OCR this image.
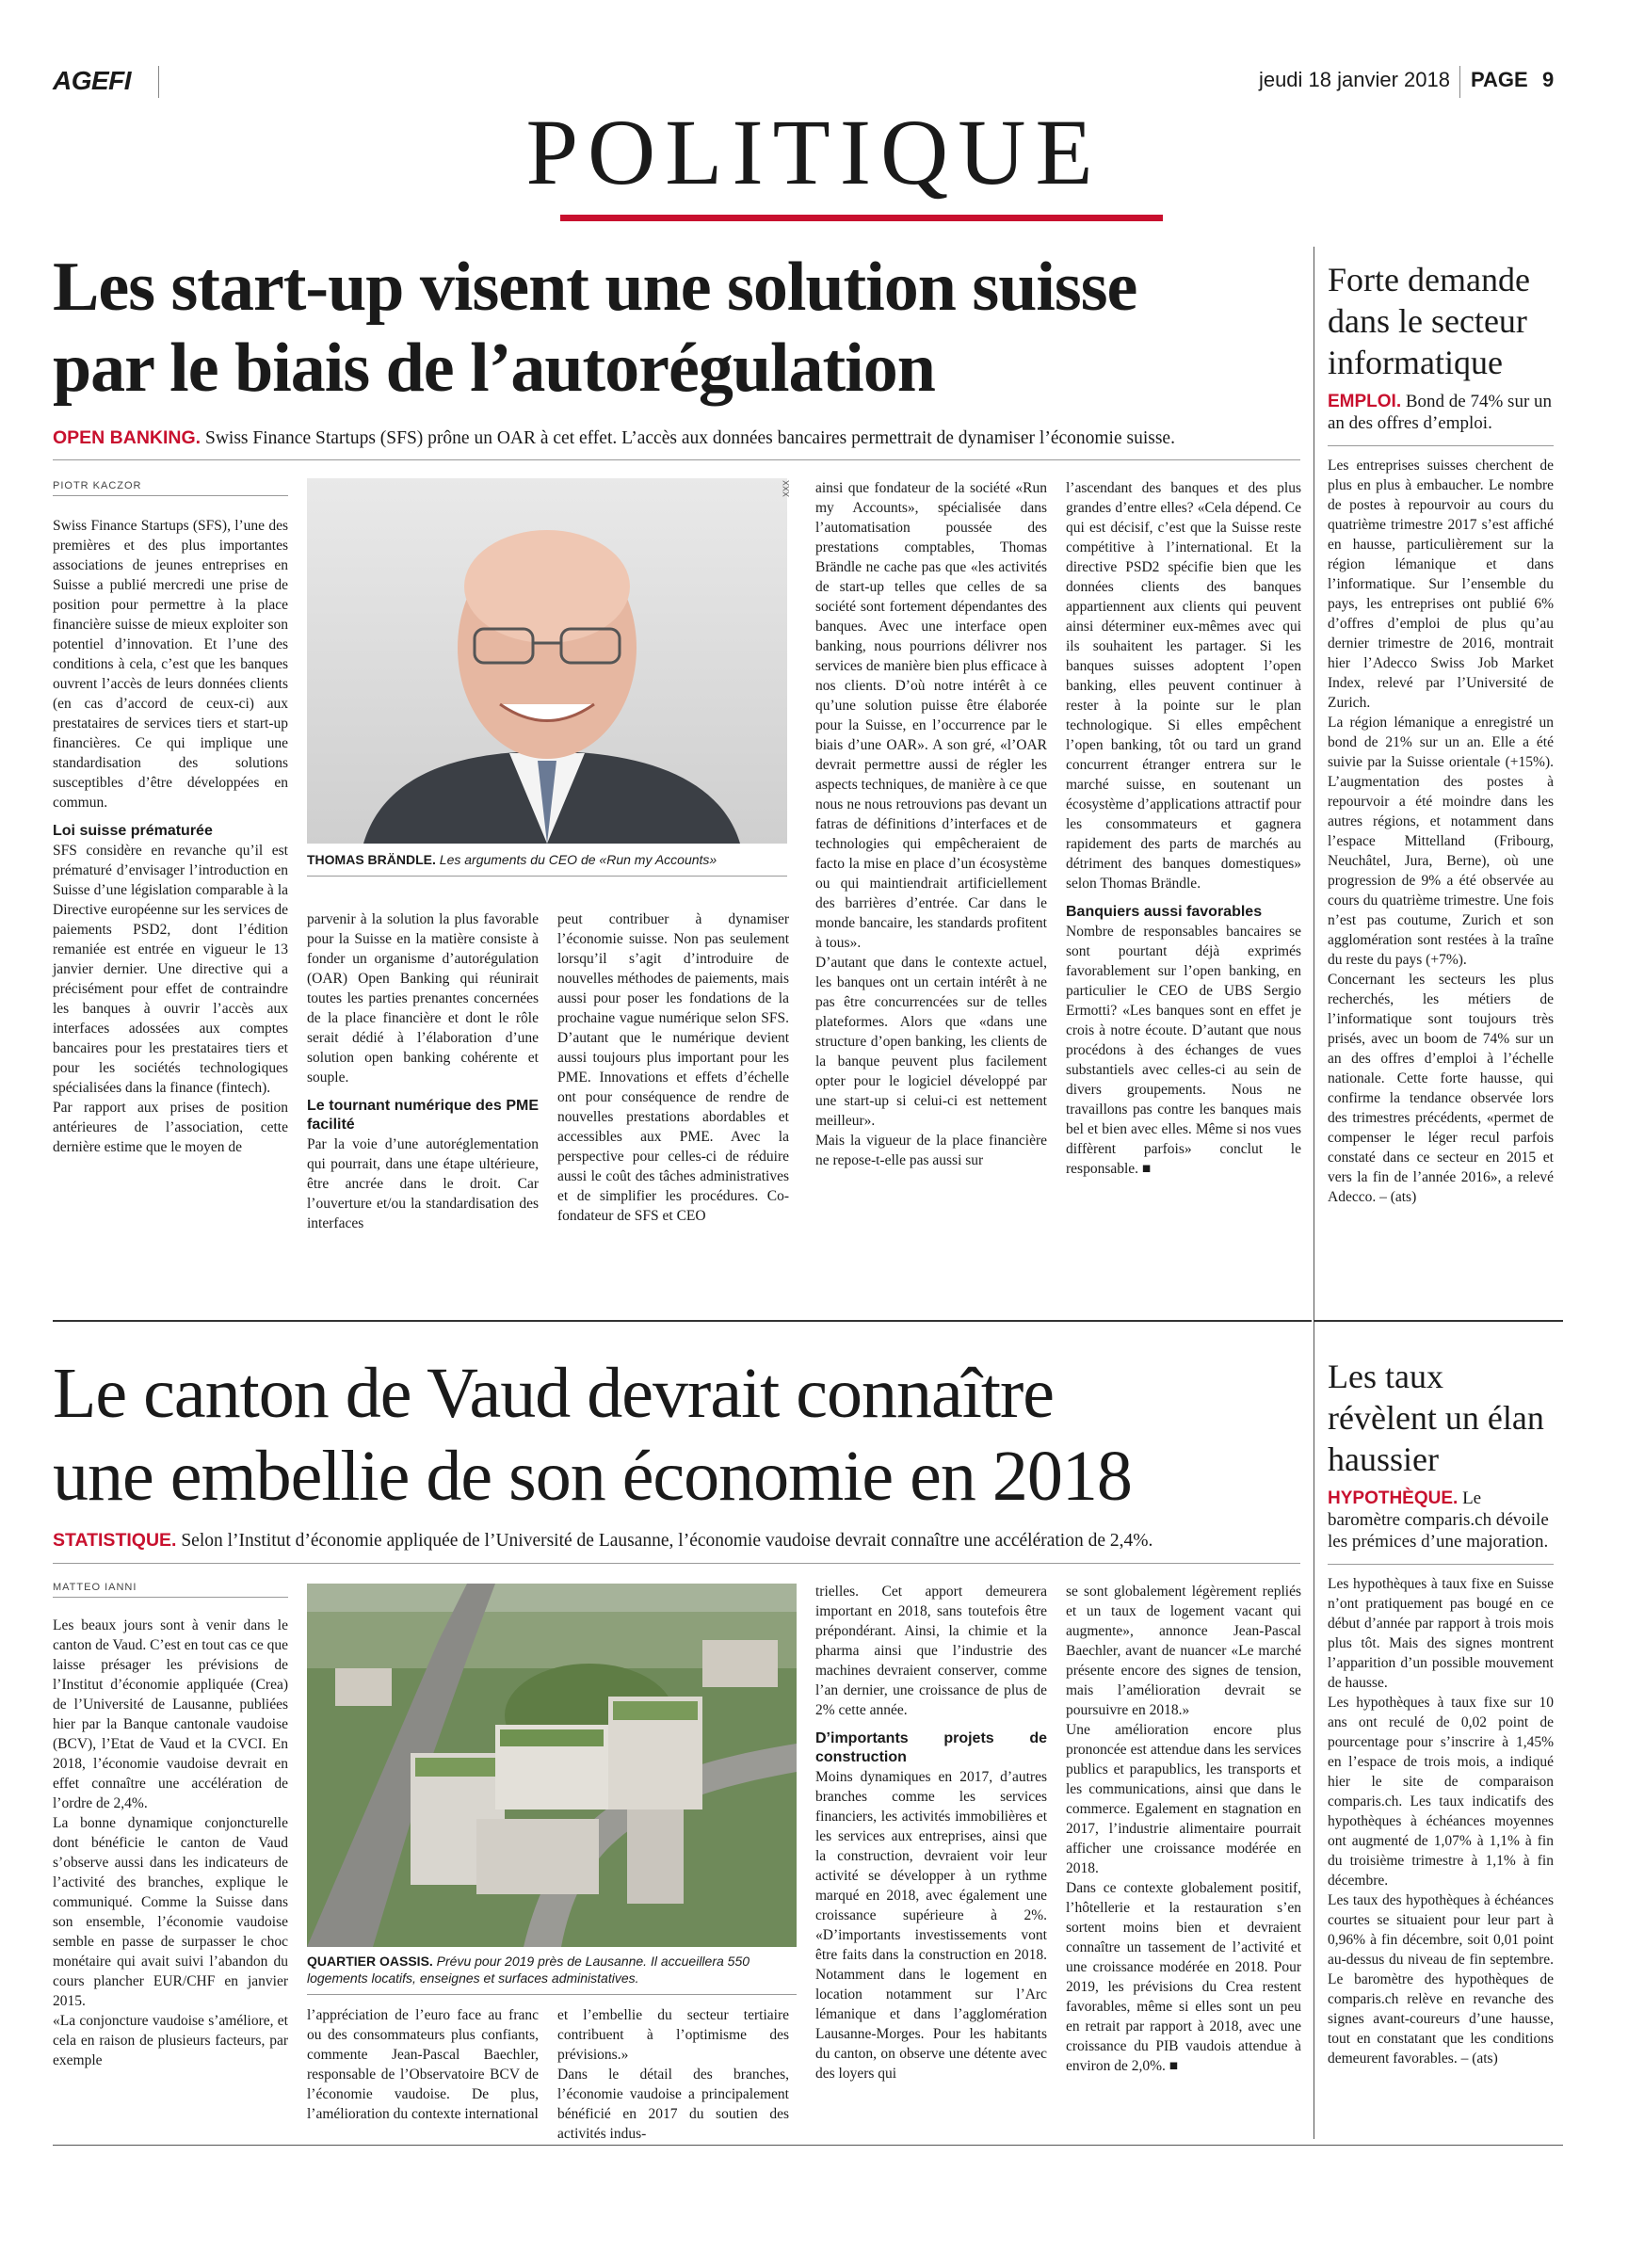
AGEFI	jeudi 18 janvier 2018 PAGE 9
POLITIQUE
Les start-up visent une solution suisse
par le biais de l’autorégulation
OPEN BANKING. Swiss Finance Startups (SFS) prône un OAR à cet effet. L’accès aux données bancaires permettrait de dynamiser l’économie suisse.
PIOTR KACZOR

Swiss Finance Startups (SFS), l’une des premières et des plus importantes associations de jeunes entreprises en Suisse a publié mercredi une prise de position pour permettre à la place financière suisse de mieux exploiter son potentiel d’innovation. Et l’une des conditions à cela, c’est que les banques ouvrent l’accès de leurs données clients (en cas d’accord de ceux-ci) aux prestataires de services tiers et start-up financières. Ce qui implique une standardisation des solutions susceptibles d’être développées en commun.

Loi suisse prématurée

SFS considère en revanche qu’il est prématuré d’envisager l’introduction en Suisse d’une législation comparable à la Directive européenne sur les services de paiements PSD2, dont l’édition remaniée est entrée en vigueur le 13 janvier dernier. Une directive qui a précisément pour effet de contraindre les banques à ouvrir l’accès aux interfaces adossées aux comptes bancaires pour les prestataires tiers et pour les sociétés technologiques spécialisées dans la finance (fintech).

Par rapport aux prises de position antérieures de l’association, cette dernière estime que le moyen de

XXX
THOMAS BRÄNDLE. Les arguments du CEO de «Run my Accounts»

parvenir à la solution la plus favorable pour la Suisse en la matière consiste à fonder un organisme d’autorégulation (OAR) Open Banking qui réunirait toutes les parties prenantes concernées de la place financière et dont le rôle serait dédié à l’élaboration d’une solution open banking cohérente et souple.

Le tournant numérique des PME facilité

Par la voie d’une autoréglementation qui pourrait, dans une étape ultérieure, être ancrée dans le droit. Car l’ouverture et/ou la standardisation des interfaces

ainsi que fondateur de la société «Run my Accounts», spécialisée dans l’automatisation poussée des prestations comptables, Thomas Brändle ne cache pas que «les activités de start-up telles que celles de sa société sont fortement dépendantes des banques. Avec une interface open banking, nous pourrions délivrer nos services de manière bien plus efficace à nos clients. D’où notre intérêt à ce qu’une solution puisse être élaborée pour la Suisse, en l’occurrence par le biais d’une OAR». A son gré, «l’OAR devrait permettre aussi de régler les aspects techniques, de manière à ce que nous ne nous retrouvions pas devant un fatras de définitions d’interfaces et de technologies qui empêcheraient de facto la mise en place d’un écosystème ou qui maintiendrait artificiellement des barrières d’entrée. Car dans le monde bancaire, les standards profitent à tous».

D’autant que dans le contexte actuel, les banques ont un certain intérêt à ne pas être concurrencées sur de telles plateformes. Alors que «dans une structure d’open banking, les clients de la banque peuvent plus facilement opter pour le logiciel développé par une start-up si celui-ci est nettement meilleur».

Mais la vigueur de la place financière ne repose-t-elle pas aussi sur

peut contribuer à dynamiser l’économie suisse. Non pas seulement lorsqu’il s’agit d’introduire de nouvelles méthodes de paiements, mais aussi pour poser les fondations de la prochaine vague numérique selon SFS. D’autant que le numérique devient aussi toujours plus important pour les PME. Innovations et effets d’échelle ont pour conséquence de rendre de nouvelles prestations abordables et accessibles aux PME. Avec la perspective pour celles-ci de réduire aussi le coût des tâches administratives et de simplifier les procédures. Co-fondateur de SFS et CEO

l’ascendant des banques et des plus grandes d’entre elles? «Cela dépend. Ce qui est décisif, c’est que la Suisse reste compétitive à l’international. Et la directive PSD2 spécifie bien que les données clients des banques appartiennent aux clients qui peuvent ainsi déterminer eux-mêmes avec qui ils souhaitent les partager. Si les banques suisses adoptent l’open banking, elles peuvent continuer à rester à la pointe sur le plan technologique. Si elles empêchent l’open banking, tôt ou tard un grand concurrent étranger entrera sur le marché suisse, en soutenant un écosystème d’applications attractif pour les consommateurs et gagnera rapidement des parts de marchés au détriment des banques domestiques» selon Thomas Brändle.

Banquiers aussi favorables

Nombre de responsables bancaires se sont pourtant déjà exprimés favorablement sur l’open banking, en particulier le CEO de UBS Sergio Ermotti? «Les banques sont en effet je crois à notre écoute. D’autant que nous procédons à des échanges de vues substantiels avec celles-ci au sein de divers groupements. Nous ne travaillons pas contre les banques mais bel et bien avec elles. Même si nos vues diffèrent parfois» conclut le responsable. ■

Forte demande dans le secteur informatique
EMPLOI. Bond de 74% sur un an des offres d’emploi.

Les entreprises suisses cherchent de plus en plus à embaucher. Le nombre de postes à repourvoir au cours du quatrième trimestre 2017 s’est affiché en hausse, particulièrement sur la région lémanique et dans l’informatique. Sur l’ensemble du pays, les entreprises ont publié 6% d’offres d’emploi de plus qu’au dernier trimestre de 2016, montrait hier l’Adecco Swiss Job Market Index, relevé par l’Université de Zurich.

La région lémanique a enregistré un bond de 21% sur un an. Elle a été suivie par la Suisse orientale (+15%). L’augmentation des postes à repourvoir a été moindre dans les autres régions, et notamment dans l’espace Mittelland (Fribourg, Neuchâtel, Jura, Berne), où une progression de 9% a été observée au cours du quatrième trimestre. Une fois n’est pas coutume, Zurich et son agglomération sont restées à la traîne du reste du pays (+7%).

Concernant les secteurs les plus recherchés, les métiers de l’informatique sont toujours très prisés, avec un boom de 74% sur un an des offres d’emploi à l’échelle nationale. Cette forte hausse, qui confirme la tendance observée lors des trimestres précédents, «permet de compenser le léger recul parfois constaté dans ce secteur en 2015 et vers la fin de l’année 2016», a relevé Adecco. – (ats)

Le canton de Vaud devrait connaître
une embellie de son économie en 2018
STATISTIQUE. Selon l’Institut d’économie appliquée de l’Université de Lausanne, l’économie vaudoise devrait connaître une accélération de 2,4%.
MATTEO IANNI

Les beaux jours sont à venir dans le canton de Vaud. C’est en tout cas ce que laisse présager les prévisions de l’Institut d’économie appliquée (Crea) de l’Université de Lausanne, publiées hier par la Banque cantonale vaudoise (BCV), l’Etat de Vaud et la CVCI. En 2018, l’économie vaudoise devrait en effet connaître une accélération de l’ordre de 2,4%.

La bonne dynamique conjoncturelle dont bénéficie le canton de Vaud s’observe aussi dans les indicateurs de l’activité des branches, explique le communiqué. Comme la Suisse dans son ensemble, l’économie vaudoise semble en passe de surpasser le choc monétaire qui avait suivi l’abandon du cours plancher EUR/CHF en janvier 2015.

«La conjoncture vaudoise s’améliore, et cela en raison de plusieurs facteurs, par exemple

QUARTIER OASSIS. Prévu pour 2019 près de Lausanne. Il accueillera 550 logements locatifs, enseignes et surfaces administatives.

l’appréciation de l’euro face au franc ou des consommateurs plus confiants, commente Jean-Pascal Baechler, responsable de l’Observatoire BCV de l’économie vaudoise. De plus, l’amélioration du contexte international

et l’embellie du secteur tertiaire contribuent à l’optimisme des prévisions.»

Dans le détail des branches, l’économie vaudoise a principalement bénéficié en 2017 du soutien des activités indus-

trielles. Cet apport demeurera important en 2018, sans toutefois être prépondérant. Ainsi, la chimie et la pharma ainsi que l’industrie des machines devraient conserver, comme l’an dernier, une croissance de plus de 2% cette année.

D’importants projets de construction

Moins dynamiques en 2017, d’autres branches comme les services financiers, les activités immobilières et les services aux entreprises, ainsi que la construction, devraient voir leur activité se développer à un rythme marqué en 2018, avec également une croissance supérieure à 2%. «D’importants investissements vont être faits dans la construction en 2018. Notamment dans le logement en location notamment sur l’Arc lémanique et dans l’agglomération Lausanne-Morges. Pour les habitants du canton, on observe une détente avec des loyers qui

se sont globalement légèrement repliés et un taux de logement vacant qui augmente», annonce Jean-Pascal Baechler, avant de nuancer «Le marché présente encore des signes de tension, mais l’amélioration devrait se poursuivre en 2018.»

Une amélioration encore plus prononcée est attendue dans les services publics et parapublics, les transports et les communications, ainsi que dans le commerce. Egalement en stagnation en 2017, l’industrie alimentaire pourrait afficher une croissance modérée en 2018.

Dans ce contexte globalement positif, l’hôtellerie et la restauration s’en sortent moins bien et devraient connaître un tassement de l’activité et une croissance modérée en 2018. Pour 2019, les prévisions du Crea restent favorables, même si elles sont un peu en retrait par rapport à 2018, avec une croissance du PIB vaudois attendue à environ de 2,0%. ■

Les taux révèlent un élan haussier
HYPOTHÈQUE. Le baromètre comparis.ch dévoile les prémices d’une majoration.

Les hypothèques à taux fixe en Suisse n’ont pratiquement pas bougé en ce début d’année par rapport à trois mois plus tôt. Mais des signes montrent l’apparition d’un possible mouvement de hausse.

Les hypothèques à taux fixe sur 10 ans ont reculé de 0,02 point de pourcentage pour s’inscrire à 1,45% en l’espace de trois mois, a indiqué hier le site de comparaison comparis.ch. Les taux indicatifs des hypothèques à échéances moyennes ont augmenté de 1,07% à 1,1% à fin du troisième trimestre à 1,1% à fin décembre.

Les taux des hypothèques à échéances courtes se situaient pour leur part à 0,96% à fin décembre, soit 0,01 point au-dessus du niveau de fin septembre. Le baromètre des hypothèques de comparis.ch relève en revanche des signes avant-coureurs d’une hausse, tout en constatant que les conditions demeurent favorables. – (ats)
